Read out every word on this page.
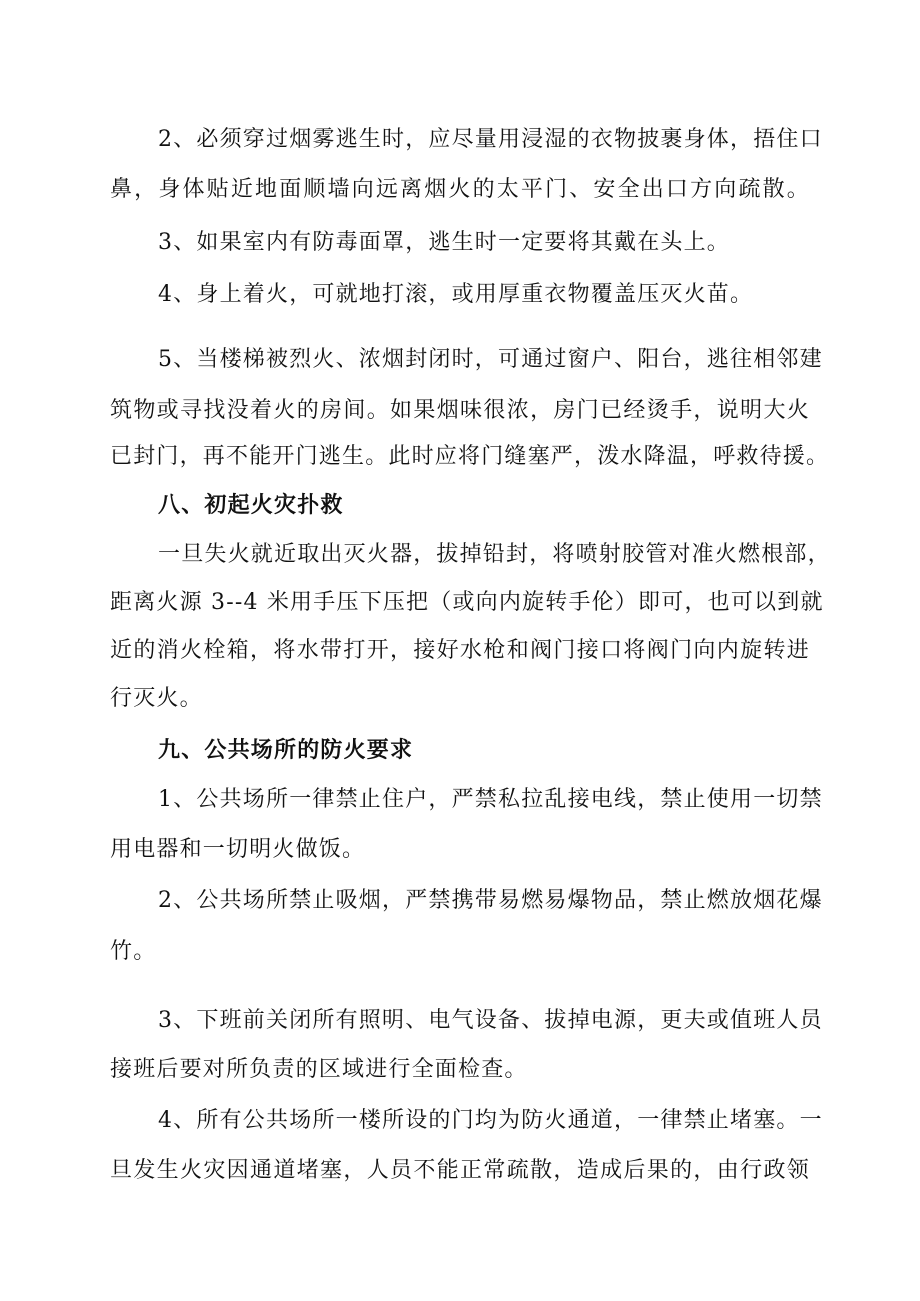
2、必须穿过烟雾逃生时，应尽量用浸湿的衣物披裹身体，捂住口
鼻，身体贴近地面顺墙向远离烟火的太平门、安全出口方向疏散。
3、如果室内有防毒面罩，逃生时一定要将其戴在头上。
4、身上着火，可就地打滚，或用厚重衣物覆盖压灭火苗。
5、当楼梯被烈火、浓烟封闭时，可通过窗户、阳台，逃往相邻建
筑物或寻找没着火的房间。如果烟味很浓，房门已经烫手，说明大火
已封门，再不能开门逃生。此时应将门缝塞严，泼水降温，呼救待援。
八、初起火灾扑救
一旦失火就近取出灭火器，拔掉铅封，将喷射胶管对准火燃根部，
距离火源 3--4 米用手压下压把（或向内旋转手伦）即可，也可以到就
近的消火栓箱，将水带打开，接好水枪和阀门接口将阀门向内旋转进
行灭火。
九、公共场所的防火要求
1、公共场所一律禁止住户，严禁私拉乱接电线，禁止使用一切禁
用电器和一切明火做饭。
2、公共场所禁止吸烟，严禁携带易燃易爆物品，禁止燃放烟花爆
竹。
3、下班前关闭所有照明、电气设备、拔掉电源，更夫或值班人员
接班后要对所负责的区域进行全面检查。
4、所有公共场所一楼所设的门均为防火通道，一律禁止堵塞。一
旦发生火灾因通道堵塞，人员不能正常疏散，造成后果的，由行政领
